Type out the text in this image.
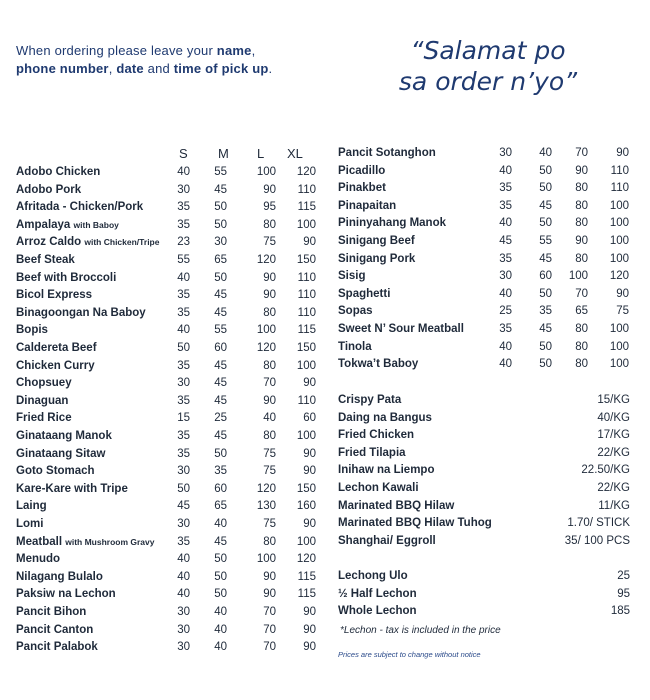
When ordering please leave your name,
phone number, date and time of pick up.
“Salamat po
sa order n’yo”
S M L XL
Adobo Chicken	40	55	100	120
Adobo Pork	30	45	90	110
Afritada - Chicken/Pork	35	50	95	115
Ampalaya with Baboy	35	50	80	100
Arroz Caldo with Chicken/Tripe	23	30	75	90
Beef Steak	55	65	120	150
Beef with Broccoli	40	50	90	110
Bicol Express	35	45	90	110
Binagoongan Na Baboy	35	45	80	110
Bopis	40	55	100	115
Caldereta Beef	50	60	120	150
Chicken Curry	35	45	80	100
Chopsuey	30	45	70	90
Dinaguan	35	45	90	110
Fried Rice	15	25	40	60
Ginataang Manok	35	45	80	100
Ginataang Sitaw	35	50	75	90
Goto Stomach	30	35	75	90
Kare-Kare with Tripe	50	60	120	150
Laing	45	65	130	160
Lomi	30	40	75	90
Meatball with Mushroom Gravy	35	45	80	100
Menudo	40	50	100	120
Nilagang Bulalo	40	50	90	115
Paksiw na Lechon	40	50	90	115
Pancit Bihon	30	40	70	90
Pancit Canton	30	40	70	90
Pancit Palabok	30	40	70	90
Pancit Sotanghon	30	40	70	90
Picadillo	40	50	90	110
Pinakbet	35	50	80	110
Pinapaitan	35	45	80	100
Pininyahang Manok	40	50	80	100
Sinigang Beef	45	55	90	100
Sinigang Pork	35	45	80	100
Sisig	30	60	100	120
Spaghetti	40	50	70	90
Sopas	25	35	65	75
Sweet N’ Sour Meatball	35	45	80	100
Tinola	40	50	80	100
Tokwa’t Baboy	40	50	80	100
Crispy Pata	15/KG
Daing na Bangus	40/KG
Fried Chicken	17/KG
Fried Tilapia	22/KG
Inihaw na Liempo	22.50/KG
Lechon Kawali	22/KG
Marinated BBQ Hilaw	11/KG
Marinated BBQ Hilaw Tuhog	1.70/ STICK
Shanghai/ Eggroll	35/ 100 PCS
Lechong Ulo	25
½ Half Lechon	95
Whole Lechon	185
*Lechon - tax is included in the price
Prices are subject to change without notice
